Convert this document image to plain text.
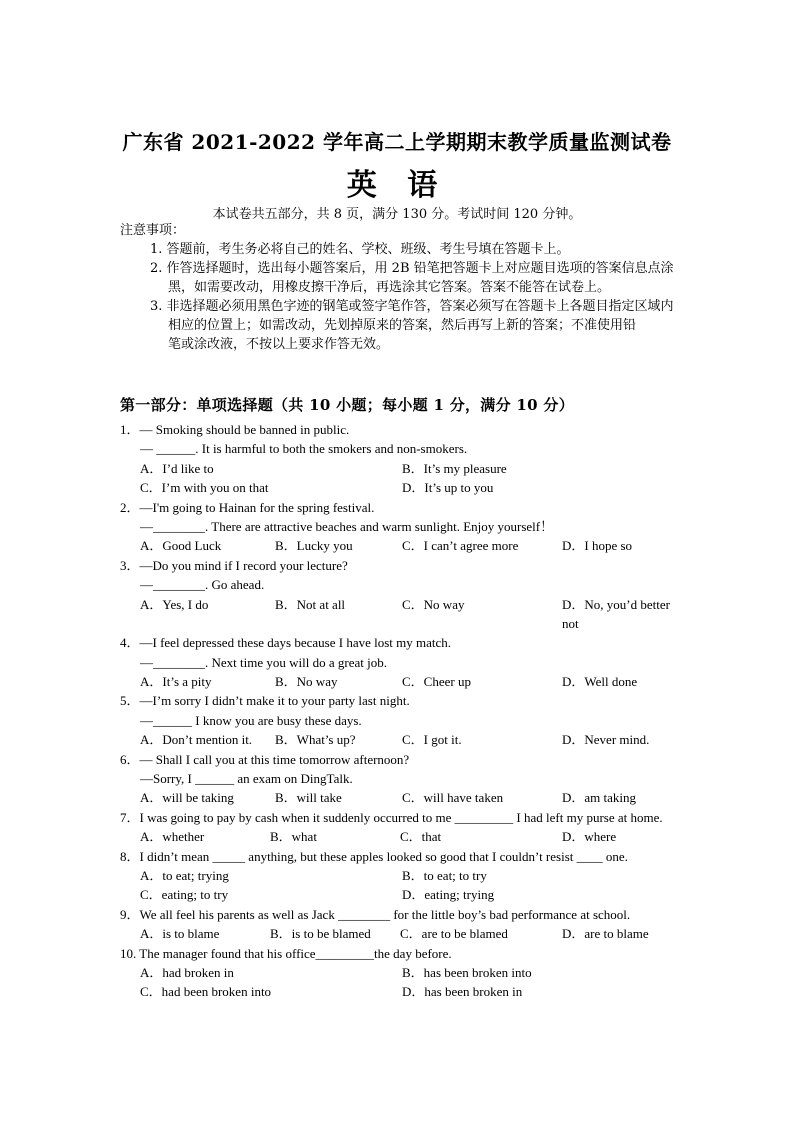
广东省 2021-2022 学年高二上学期期末教学质量监测试卷
英 语
本试卷共五部分，共 8 页，满分 130 分。考试时间 120 分钟。
注意事项：
1. 答题前，考生务必将自己的姓名、学校、班级、考生号填在答题卡上。
2. 作答选择题时，选出每小题答案后，用 2B 铅笔把答题卡上对应题目选项的答案信息点涂
黑，如需要改动，用橡皮擦干净后，再选涂其它答案。答案不能答在试卷上。
3. 非选择题必须用黑色字迹的钢笔或签字笔作答，答案必须写在答题卡上各题目指定区域内
相应的位置上；如需改动，先划掉原来的答案，然后再写上新的答案；不准使用铅
笔或涂改液，不按以上要求作答无效。
第一部分：单项选择题（共 10 小题；每小题 1 分，满分 10 分）
1．— Smoking should be banned in public.
— ______. It is harmful to both the smokers and non-smokers.
A．I’d like to	B．It’s my pleasure
C．I’m with you on that	D．It’s up to you
2．—I'm going to Hainan for the spring festival.
—________. There are attractive beaches and warm sunlight. Enjoy yourself！
A．Good Luck	B．Lucky you	C．I can’t agree more	D．I hope so
3．—Do you mind if I record your lecture?
—________. Go ahead.
A．Yes, I do	B．Not at all	C．No way	D．No, you’d better not
4．—I feel depressed these days because I have lost my match.
—________. Next time you will do a great job.
A．It’s a pity	B．No way	C．Cheer up	D．Well done
5．—I’m sorry I didn’t make it to your party last night.
—______ I know you are busy these days.
A．Don’t mention it. B．What’s up?	C．I got it.	D．Never mind.
6．— Shall I call you at this time tomorrow afternoon?
—Sorry, I ______ an exam on DingTalk.
A．will be taking	B．will take	C．will have taken	D．am taking
7．I was going to pay by cash when it suddenly occurred to me _________ I had left my purse at home.
A．whether	B．what	C．that	D．where
8．I didn’t mean _____ anything, but these apples looked so good that I couldn’t resist ____ one.
A．to eat; trying	B．to eat; to try
C．eating; to try	D．eating; trying
9．We all feel his parents as well as Jack ________ for the little boy’s bad performance at school.
A．is to blame	B．is to be blamed C．are to be blamed	D．are to blame
10. The manager found that his office_________the day before.
A．had broken in	B．has been broken into
C．had been broken into	D．has been broken in
